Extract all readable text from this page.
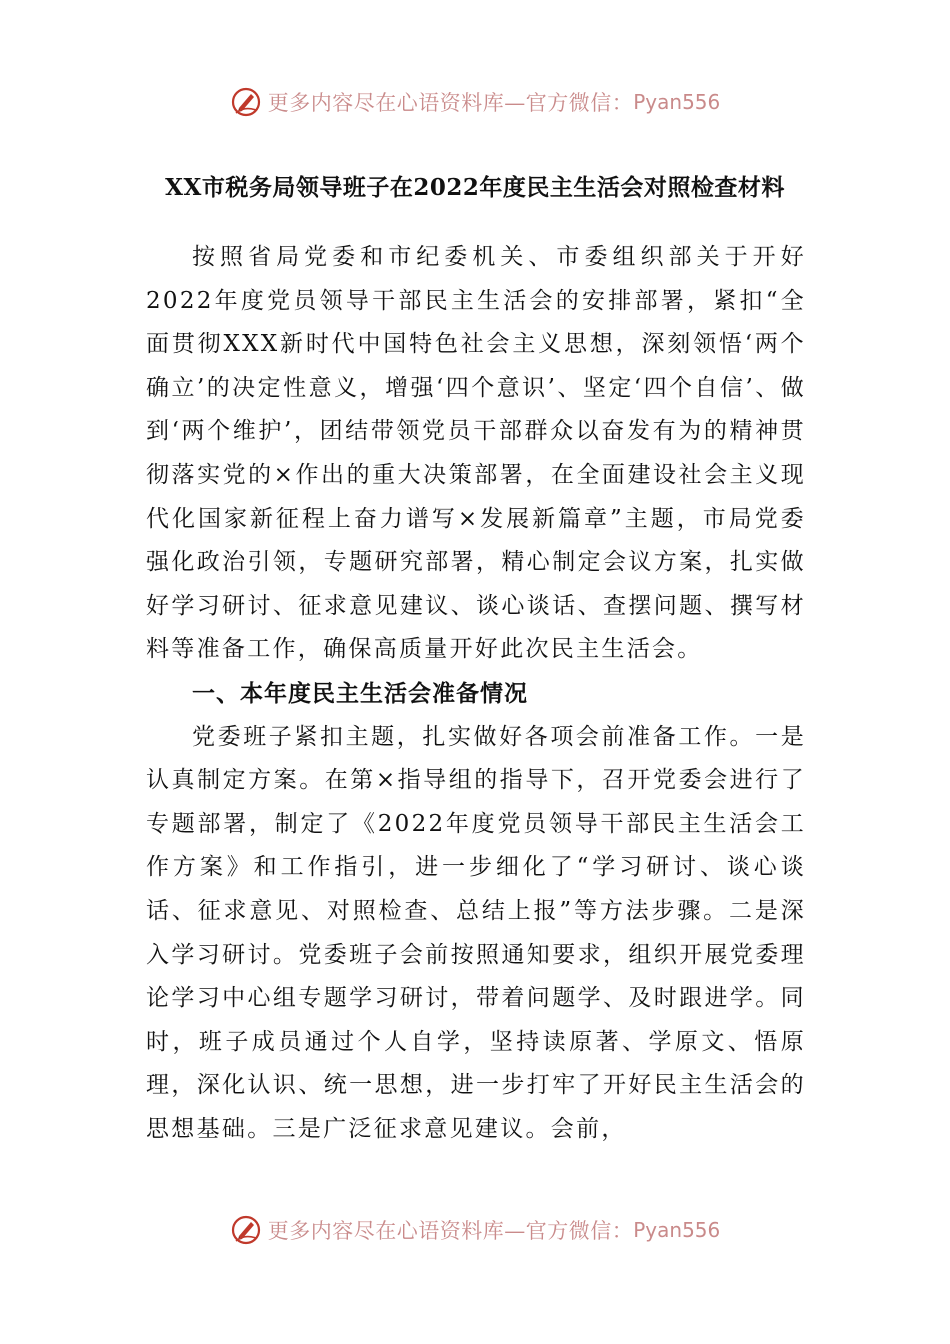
更多内容尽在心语资料库—官方微信： Pyan556
XX市税务局领导班子在2022年度民主生活会对照检查材料

按照省局党委和市纪委机关、市委组织部关于开好2022年度党员领导干部民主生活会的安排部署，紧扣“全面贯彻XXX新时代中国特色社会主义思想，深刻领悟‘两个确立’的决定性意义，增强‘四个意识’、坚定‘四个自信’、做到‘两个维护’，团结带领党员干部群众以奋发有为的精神贯彻落实党的×作出的重大决策部署，在全面建设社会主义现代化国家新征程上奋力谱写×发展新篇章”主题，市局党委强化政治引领，专题研究部署，精心制定会议方案，扎实做好学习研讨、征求意见建议、谈心谈话、查摆问题、撰写材料等准备工作，确保高质量开好此次民主生活会。

一、本年度民主生活会准备情况

党委班子紧扣主题，扎实做好各项会前准备工作。一是认真制定方案。在第×指导组的指导下，召开党委会进行了专题部署，制定了《2022年度党员领导干部民主生活会工作方案》和工作指引，进一步细化了“学习研讨、谈心谈话、征求意见、对照检查、总结上报”等方法步骤。二是深入学习研讨。党委班子会前按照通知要求，组织开展党委理论学习中心组专题学习研讨，带着问题学、及时跟进学。同时，班子成员通过个人自学，坚持读原著、学原文、悟原理，深化认识、统一思想，进一步打牢了开好民主生活会的思想基础。三是广泛征求意见建议。会前，

更多内容尽在心语资料库—官方微信： Pyan556
